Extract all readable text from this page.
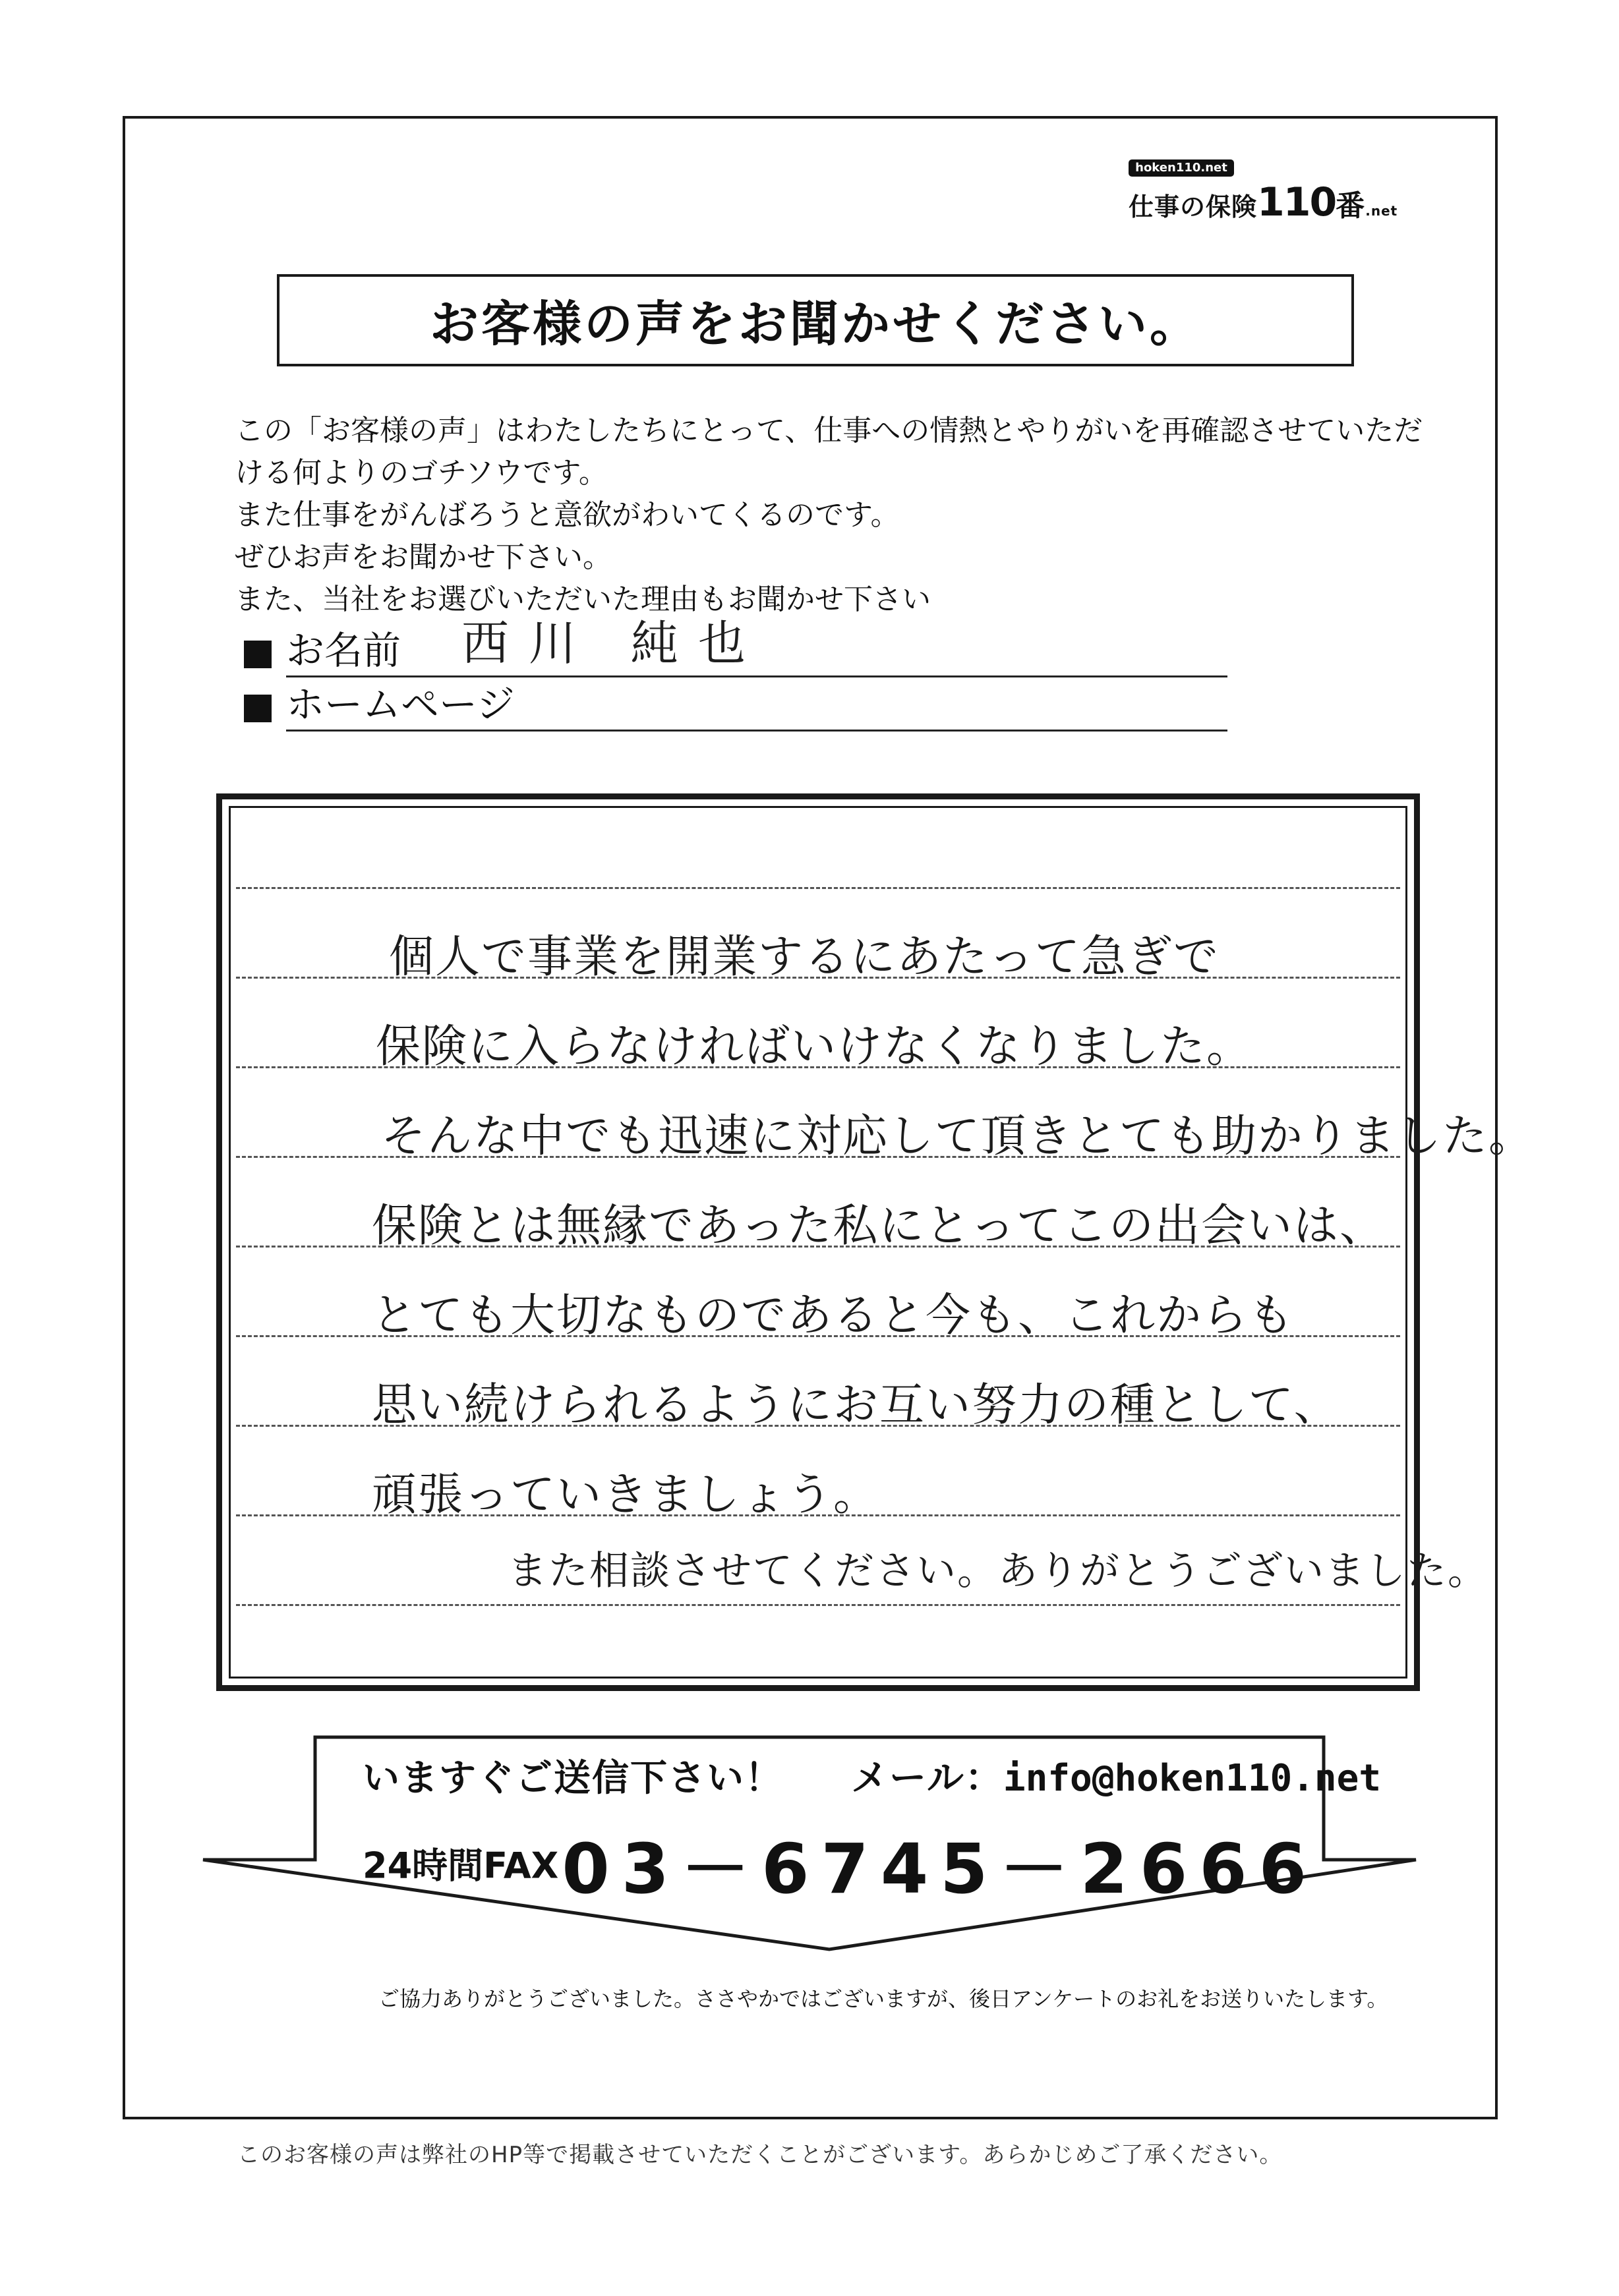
hoken110.net
仕事の保険110番.net
お客様の声をお聞かせください。

この「お客様の声」はわたしたちにとって、仕事への情熱とやりがいを再確認させていただ

ける何よりのゴチソウです。

また仕事をがんばろうと意欲がわいてくるのです。

ぜひお声をお聞かせ下さい。

また、当社をお選びいただいた理由もお聞かせ下さい

お名前 西川 純也
ホームページ
個人で事業を開業するにあたって急ぎで
保険に入らなければいけなくなりました。
そんな中でも迅速に対応して頂きとても助かりました。
保険とは無縁であった私にとってこの出会いは、
とても大切なものであると今も、これからも
思い続けられるようにお互い努力の種として、
頑張っていきましょう。
また相談させてください。ありがとうございました。
いますぐご送信下さい！ メール：info@hoken110.net
24時間FAX 03－6745－2666
ご協力ありがとうございました。ささやかではございますが、後日アンケートのお礼をお送りいたします。
このお客様の声は弊社のHP等で掲載させていただくことがございます。あらかじめご了承ください。
